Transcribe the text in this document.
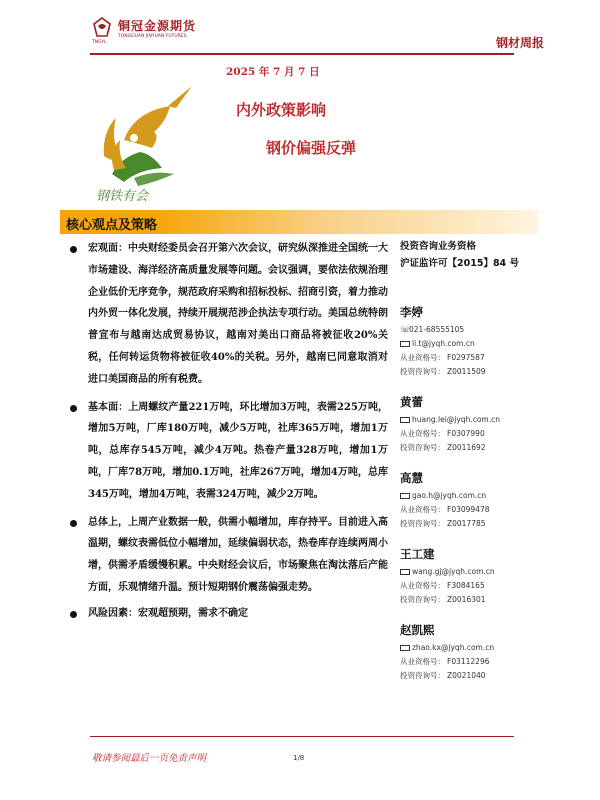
铜冠金源期货
TONGGUAN JINYUAN FUTURES
TNGYL	钢材周报
2025 年 7 月 7 日
钢铁有会
内外政策影响
钢价偏强反弹
核心观点及策略
宏观面：中央财经委员会召开第六次会议，研究纵深推进全国统一大市场建设、海洋经济高质量发展等问题。会议强调，要依法依规治理企业低价无序竞争，规范政府采购和招标投标、招商引资，着力推动内外贸一体化发展，持续开展规范涉企执法专项行动。美国总统特朗普宣布与越南达成贸易协议，越南对美出口商品将被征收20%关税，任何转运货物将被征收40%的关税。另外，越南已同意取消对进口美国商品的所有税费。
基本面：上周螺纹产量221万吨，环比增加3万吨，表需225万吨，增加5万吨，厂库180万吨，减少5万吨，社库365万吨，增加1万吨，总库存545万吨，减少4万吨。热卷产量328万吨，增加1万吨，厂库78万吨，增加0.1万吨，社库267万吨，增加4万吨，总库345万吨，增加4万吨，表需324万吨，减少2万吨。
总体上，上周产业数据一般，供需小幅增加，库存持平。目前进入高温期，螺纹表需低位小幅增加，延续偏弱状态，热卷库存连续两周小增，供需矛盾缓慢积累。中央财经会议后，市场聚焦在淘汰落后产能方面，乐观情绪升温。预计短期钢价震荡偏强走势。
风险因素：宏观超预期，需求不确定
投资咨询业务资格
沪证监许可【2015】84 号
李婷
☏021-68555105
li.t@jyqh.com.cn
从业资格号： F0297587
投资咨询号： Z0011509
黄蕾
huang.lei@jyqh.com.cn
从业资格号： F0307990
投资咨询号： Z0011692
高慧
gao.h@jyqh.com.cn
从业资格号： F03099478
投资咨询号： Z0017785
王工建
wang.gj@jyqh.com.cn
从业资格号： F3084165
投资咨询号： Z0016301
赵凯熙
zhao.kx@jyqh.com.cn
从业资格号： F03112296
投资咨询号： Z0021040
敬请参阅最后一页免责声明	1/8
